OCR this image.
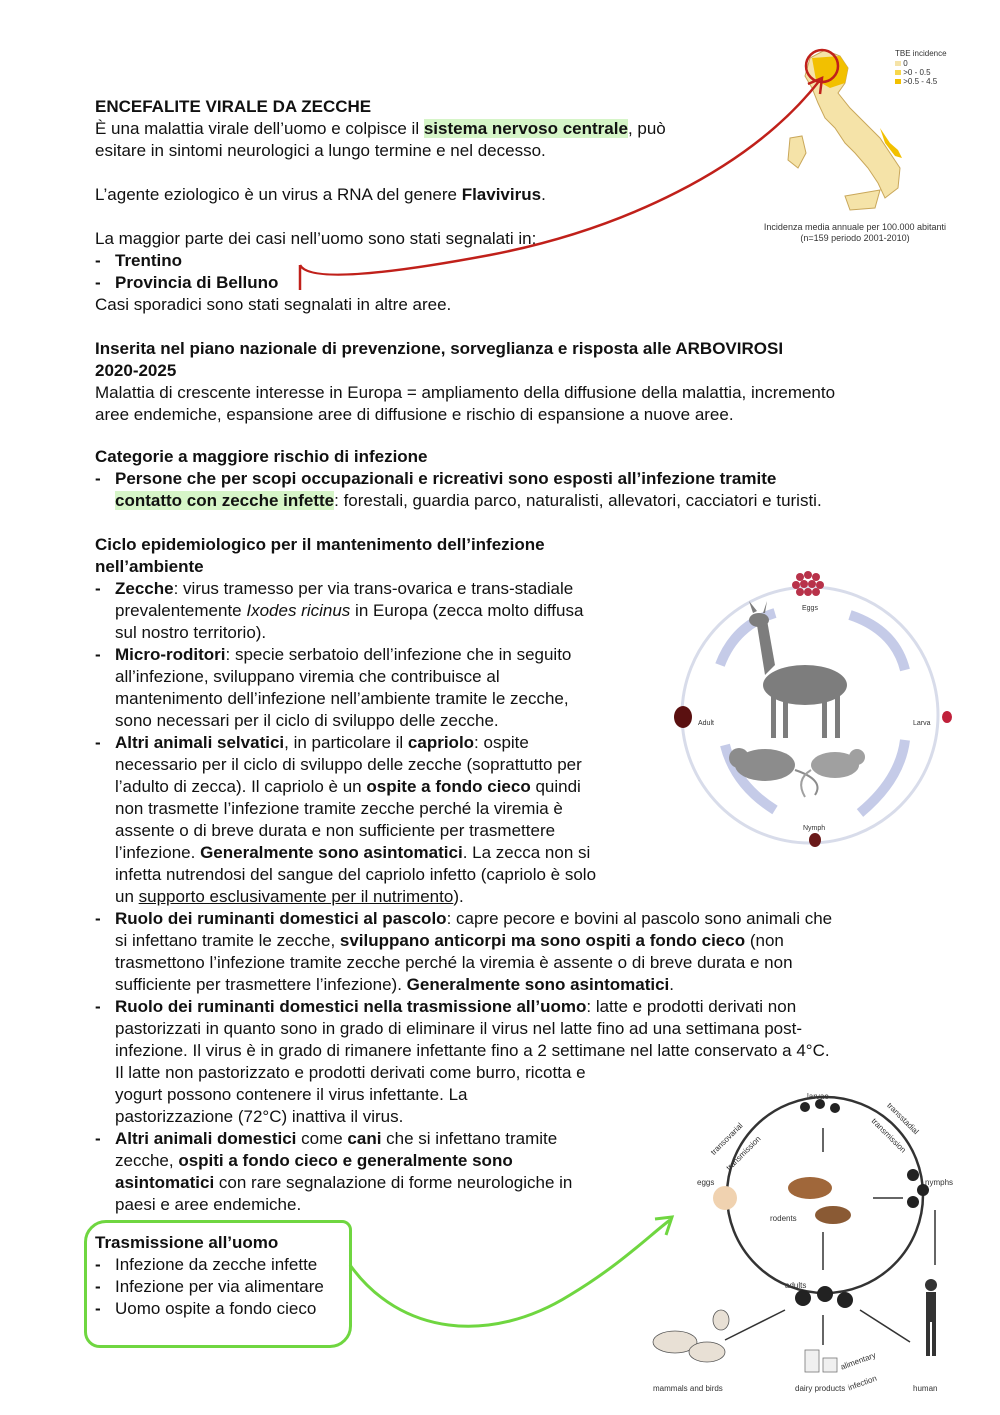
ENCEFALITE VIRALE DA ZECCHE
È una malattia virale dell’uomo e colpisce il sistema nervoso centrale, può
esitare in sintomi neurologici a lungo termine e nel decesso.
L’agente eziologico è un virus a RNA del genere Flavivirus.
La maggior parte dei casi nell’uomo sono stati segnalati in:
- Trentino
- Provincia di Belluno
Casi sporadici sono stati segnalati in altre aree.
TBE incidence
0
>0 - 0.5
>0.5 - 4.5
Incidenza media annuale per 100.000 abitanti
(n=159 periodo 2001-2010)
Inserita nel piano nazionale di prevenzione, sorveglianza e risposta alle ARBOVIROSI
2020-2025
Malattia di crescente interesse in Europa = ampliamento della diffusione della malattia, incremento
aree endemiche, espansione aree di diffusione e rischio di espansione a nuove aree.
Categorie a maggiore rischio di infezione
- Persone che per scopi occupazionali e ricreativi sono esposti all’infezione tramite
contatto con zecche infette: forestali, guardia parco, naturalisti, allevatori, cacciatori e turisti.
Ciclo epidemiologico per il mantenimento dell’infezione
nell’ambiente
- Zecche: virus tramesso per via trans-ovarica e trans-stadiale
prevalentemente Ixodes ricinus in Europa (zecca molto diffusa
sul nostro territorio).
- Micro-roditori: specie serbatoio dell’infezione che in seguito
all’infezione, sviluppano viremia che contribuisce al
mantenimento dell’infezione nell’ambiente tramite le zecche,
sono necessari per il ciclo di sviluppo delle zecche.
- Altri animali selvatici, in particolare il capriolo: ospite
necessario per il ciclo di sviluppo delle zecche (soprattutto per
l’adulto di zecca). Il capriolo è un ospite a fondo cieco quindi
non trasmette l’infezione tramite zecche perché la viremia è
assente o di breve durata e non sufficiente per trasmettere
l’infezione. Generalmente sono asintomatici. La zecca non si
infetta nutrendosi del sangue del capriolo infetto (capriolo è solo
un supporto esclusivamente per il nutrimento).
- Ruolo dei ruminanti domestici al pascolo: capre pecore e bovini al pascolo sono animali che
si infettano tramite le zecche, sviluppano anticorpi ma sono ospiti a fondo cieco (non
trasmettono l’infezione tramite zecche perché la viremia è assente o di breve durata e non
sufficiente per trasmettere l’infezione). Generalmente sono asintomatici.
- Ruolo dei ruminanti domestici nella trasmissione all’uomo: latte e prodotti derivati non
pastorizzati in quanto sono in grado di eliminare il virus nel latte fino ad una settimana post-
infezione. Il virus è in grado di rimanere infettante fino a 2 settimane nel latte conservato a 4°C.
Il latte non pastorizzato e prodotti derivati come burro, ricotta e
yogurt possono contenere il virus infettante. La
pastorizzazione (72°C) inattiva il virus.
- Altri animali domestici come cani che si infettano tramite
zecche, ospiti a fondo cieco e generalmente sono
asintomatici con rare segnalazione di forme neurologiche in
paesi e aree endemiche.
Eggs
Adult	Larva
Nymph
larvae
nymphs
eggs
rodents
adults
transovarial transmission
transstadial transmission
alimentary infection
mammals and birds	dairy products	human
Trasmissione all’uomo
- Infezione da zecche infette
- Infezione per via alimentare
- Uomo ospite a fondo cieco
